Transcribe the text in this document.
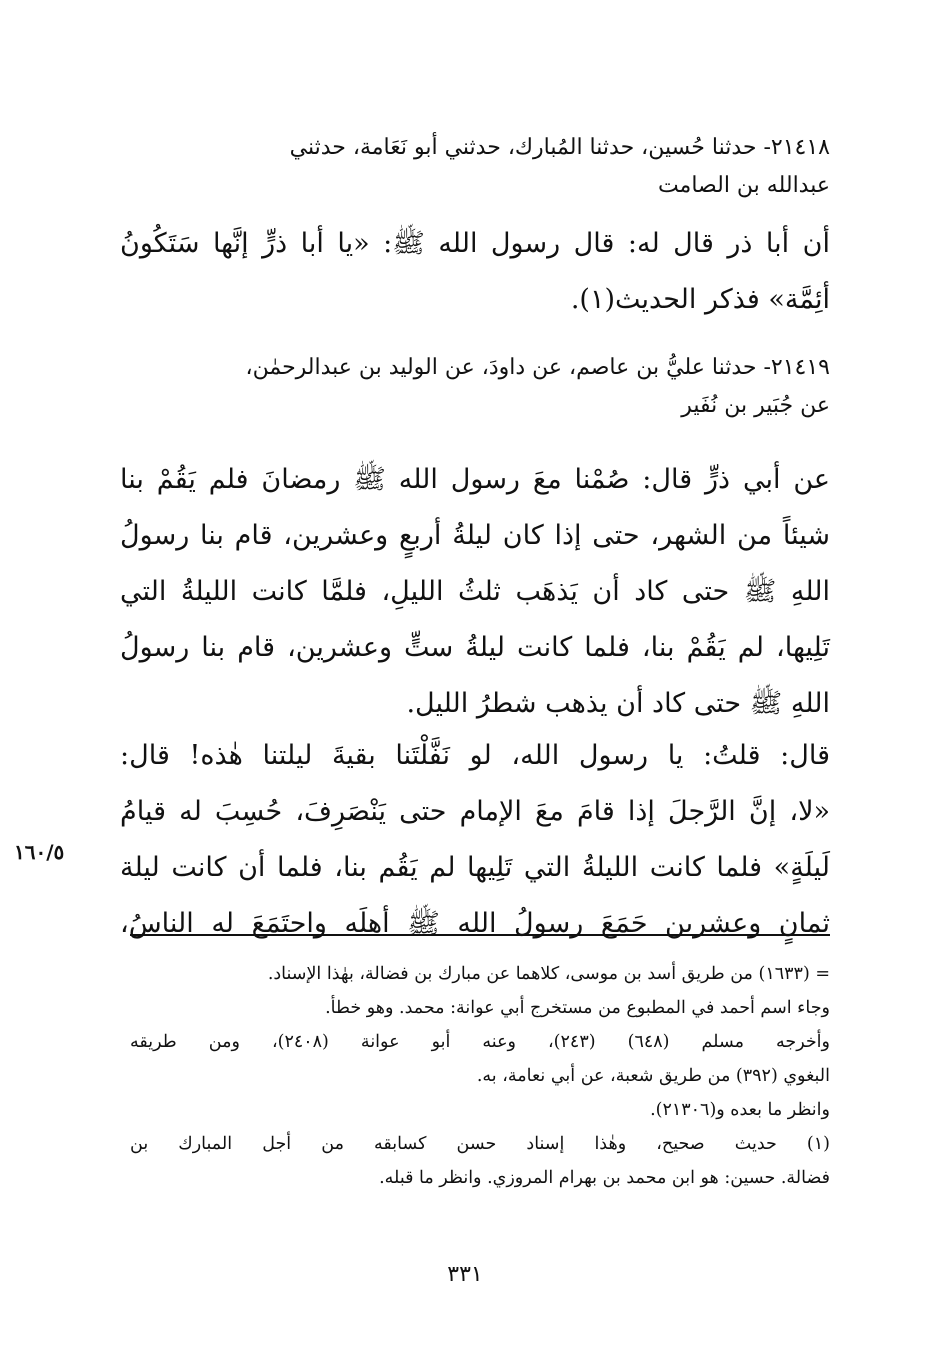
٢١٤١٨- حدثنا حُسين، حدثنا المُبارك، حدثني أبو نَعَامة، حدثني
عبدالله بن الصامت
أن أبا ذر قال له: قال رسول الله ﷺ: «يا أبا ذرٍّ إنَّها سَتَكُونُ
أئِمَّة» فذكر الحديث(١).
٢١٤١٩- حدثنا عليُّ بن عاصم، عن داودَ، عن الوليد بن عبدالرحمٰن،
عن جُبَير بن نُفَير
عن أبي ذرٍّ قال: صُمْنا معَ رسول الله ﷺ رمضانَ فلم يَقُمْ بنا
شيئاً من الشهر، حتى إذا كان ليلةُ أربعٍ وعشرين، قام بنا رسولُ
اللهِ ﷺ حتى كاد أن يَذهَب ثلثُ الليلِ، فلمَّا كانت الليلةُ التي
تَلِيها، لم يَقُمْ بنا، فلما كانت ليلةُ ستٍّ وعشرين، قام بنا رسولُ
اللهِ ﷺ حتى كاد أن يذهب شطرُ الليل.
قال: قلتُ: يا رسول الله، لو نَفَّلْتَنا بقيةَ ليلتنا هٰذه! قال:
«لا، إنَّ الرَّجلَ إذا قامَ معَ الإمام حتى يَنْصَرِفَ، حُسِبَ له قيامُ
لَيلَةٍ» فلما كانت الليلةُ التي تَلِيها لم يَقُم بنا، فلما أن كانت ليلة
ثمانٍ وعشرين جَمَعَ رسولُ الله ﷺ أهلَه واجتَمَعَ له الناسُ،
١٦٠/٥
= (١٦٣٣) من طريق أسد بن موسى، كلاهما عن مبارك بن فضالة، بهٰذا الإسناد.
وجاء اسم أحمد في المطبوع من مستخرج أبي عوانة: محمد. وهو خطأ.
وأخرجه مسلم (٦٤٨) (٢٤٣)، وعنه أبو عوانة (٢٤٠٨)، ومن طريقه
البغوي (٣٩٢) من طريق شعبة، عن أبي نعامة، به.
وانظر ما بعده و(٢١٣٠٦).
(١) حديث صحيح، وهٰذا إسناد حسن كسابقه من أجل المبارك بن
فضالة. حسين: هو ابن محمد بن بهرام المروزي. وانظر ما قبله.
٣٣١
